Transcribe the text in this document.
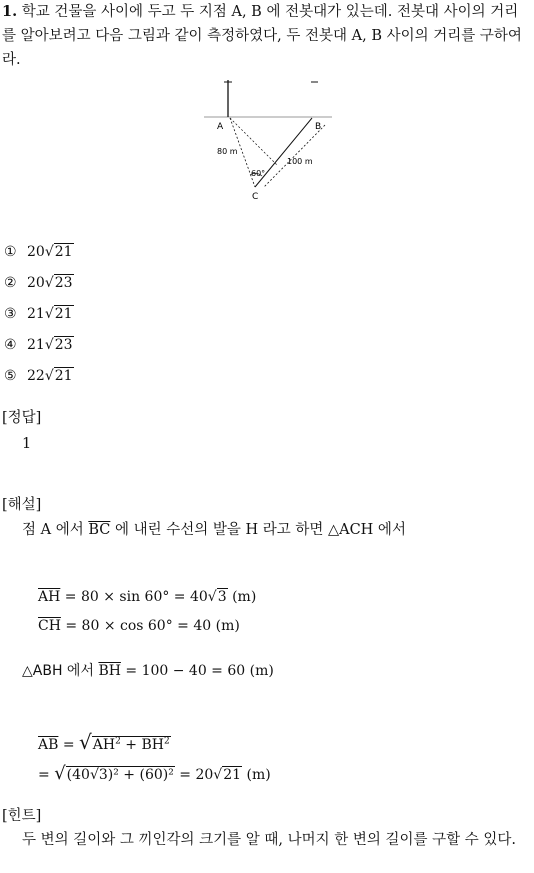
1. 학교 건물을 사이에 두고 두 지점 A, B 에 전봇대가 있는데. 전봇대 사이의 거리를 알아보려고 다음 그림과 같이 측정하였다, 두 전봇대 A, B 사이의 거리를 구하여라.
A	B
C
80 m
100 m
60°
① 20√21
② 20√23
③ 21√21
④ 21√23
⑤ 22√21
[정답]
1
[해설]
점 A 에서 $\overline{BC}$ 에 내린 수선의 발을 H 라고 하면 △ACH 에서
$\overline{AH} = 80 \times \sin 60^\circ = 40√3$ (m)
$\overline{CH} = 80 \times \cos 60^\circ = 40$ (m)
△ABH 에서 $\overline{BH} = 100 - 40 = 60$ (m)
$\overline{AB} = √AH^2 + \overline{BH}^2$
= √(40√3)² + (60)² = 20√21 (m)
[힌트]
두 변의 길이와 그 끼인각의 크기를 알 때, 나머지 한 변의 길이를 구할 수 있다.
